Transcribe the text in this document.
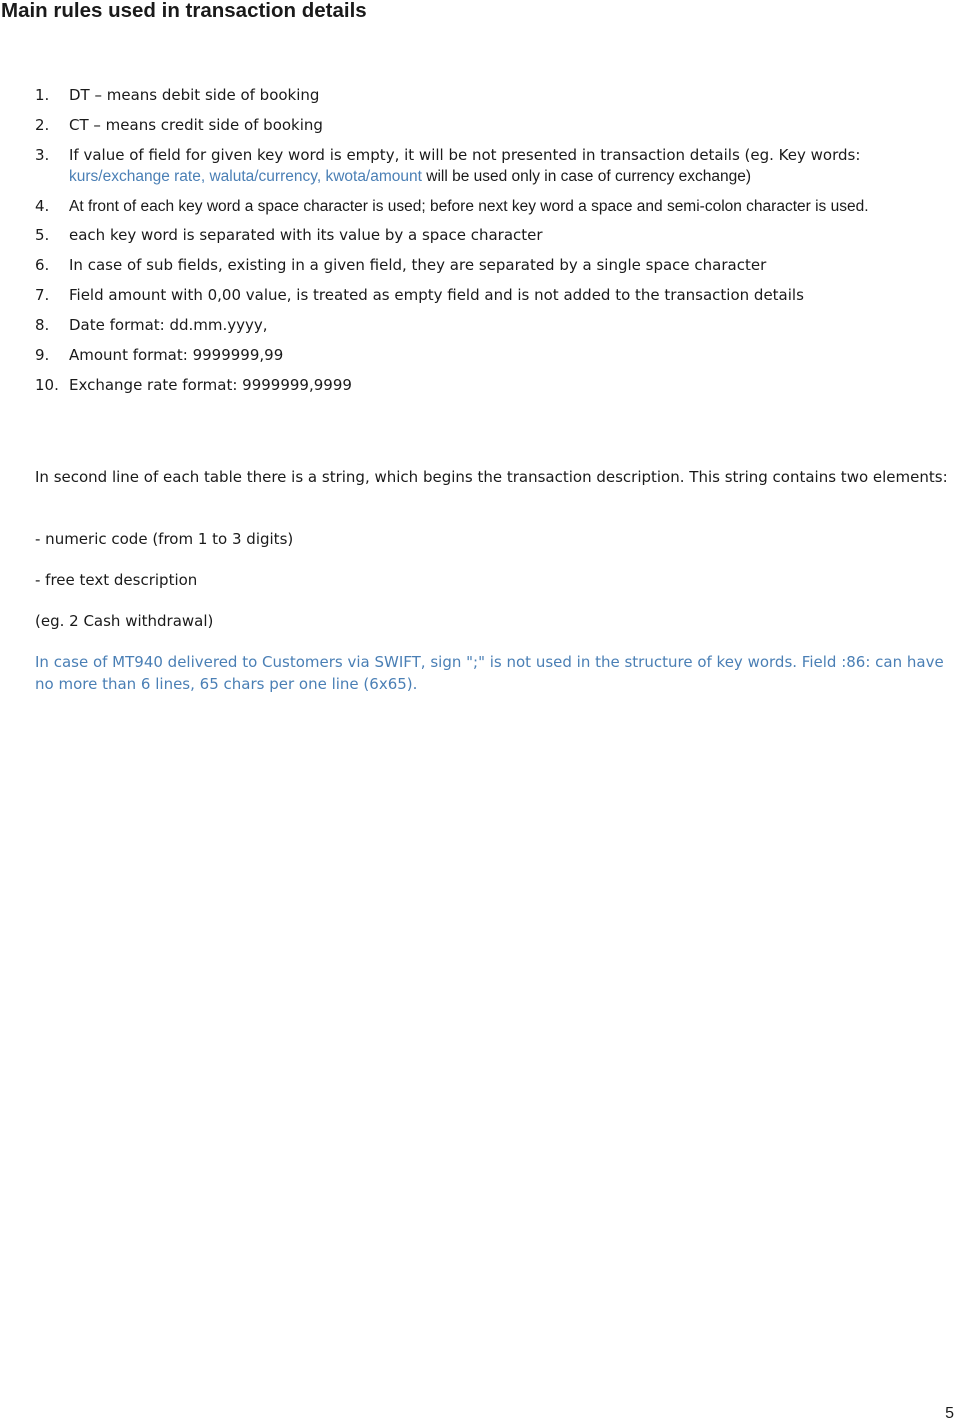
Main rules used in transaction details
1. DT – means debit side of booking
2. CT – means credit side of booking
3. If value of field for given key word is empty, it will be not presented in transaction details (eg. Key words:
kurs/exchange rate, waluta/currency, kwota/amount will be used only in case of currency exchange)
4. At front of each key word a space character is used; before next key word a space and semi-colon character is used.
5. each key word is separated with its value by a space character
6. In case of sub fields, existing in a given field, they are separated by a single space character
7. Field amount with 0,00 value, is treated as empty field and is not added to the transaction details
8. Date format: dd.mm.yyyy,
9. Amount format: 9999999,99
10. Exchange rate format: 9999999,9999

In second line of each table there is a string, which begins the transaction description. This string contains two elements:

- numeric code (from 1 to 3 digits)

- free text description

(eg. 2 Cash withdrawal)

In case of MT940 delivered to Customers via SWIFT, sign ";" is not used in the structure of key words. Field :86: can have no more than 6 lines, 65 chars per one line (6x65).

5
